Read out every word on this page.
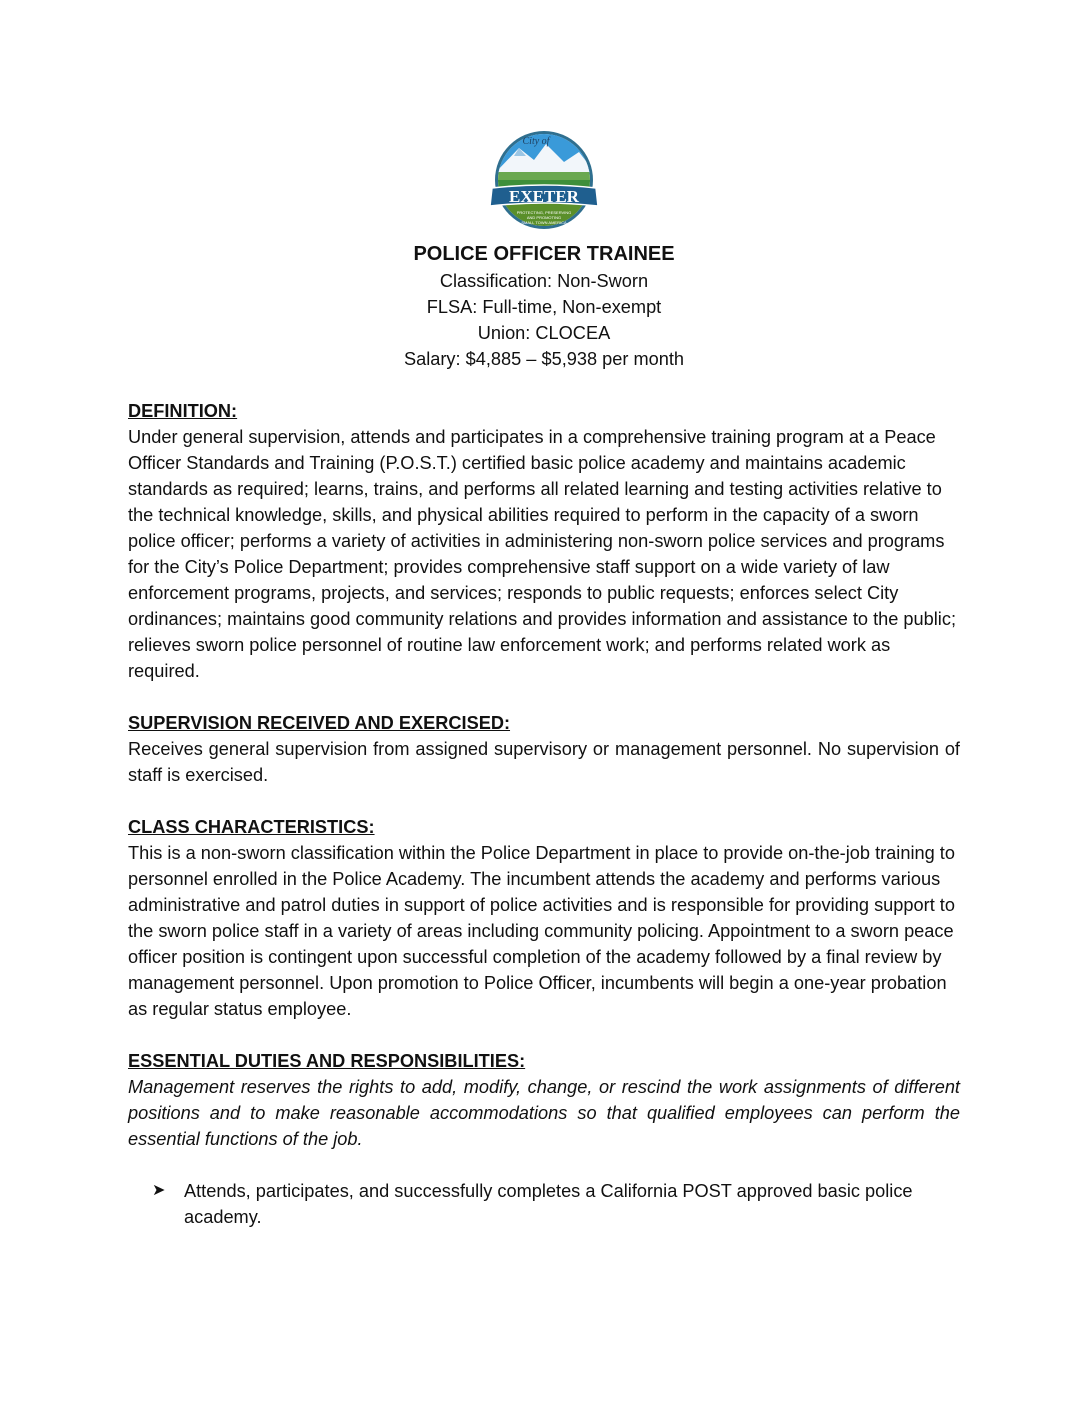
EXETER
City of
PROTECTING, PRESERVING
AND PROMOTING
SMALL TOWN AMERICA
POLICE OFFICER TRAINEE
Classification: Non-Sworn
FLSA: Full-time, Non-exempt
Union: CLOCEA
Salary: $4,885 – $5,938 per month
DEFINITION:

Under general supervision, attends and participates in a comprehensive training program at a Peace Officer Standards and Training (P.O.S.T.) certified basic police academy and maintains academic standards as required; learns, trains, and performs all related learning and testing activities relative to the technical knowledge, skills, and physical abilities required to perform in the capacity of a sworn police officer; performs a variety of activities in administering non-sworn police services and programs for the City’s Police Department; provides comprehensive staff support on a wide variety of law enforcement programs, projects, and services; responds to public requests; enforces select City ordinances; maintains good community relations and provides information and assistance to the public; relieves sworn police personnel of routine law enforcement work; and performs related work as required.

SUPERVISION RECEIVED AND EXERCISED:

Receives general supervision from assigned supervisory or management personnel. No supervision of staff is exercised.

CLASS CHARACTERISTICS:

This is a non-sworn classification within the Police Department in place to provide on-the-job training to personnel enrolled in the Police Academy. The incumbent attends the academy and performs various administrative and patrol duties in support of police activities and is responsible for providing support to the sworn police staff in a variety of areas including community policing. Appointment to a sworn peace officer position is contingent upon successful completion of the academy followed by a final review by management personnel. Upon promotion to Police Officer, incumbents will begin a one-year probation as regular status employee.

ESSENTIAL DUTIES AND RESPONSIBILITIES:

Management reserves the rights to add, modify, change, or rescind the work assignments of different positions and to make reasonable accommodations so that qualified employees can perform the essential functions of the job.

➤ Attends, participates, and successfully completes a California POST approved basic police academy.
